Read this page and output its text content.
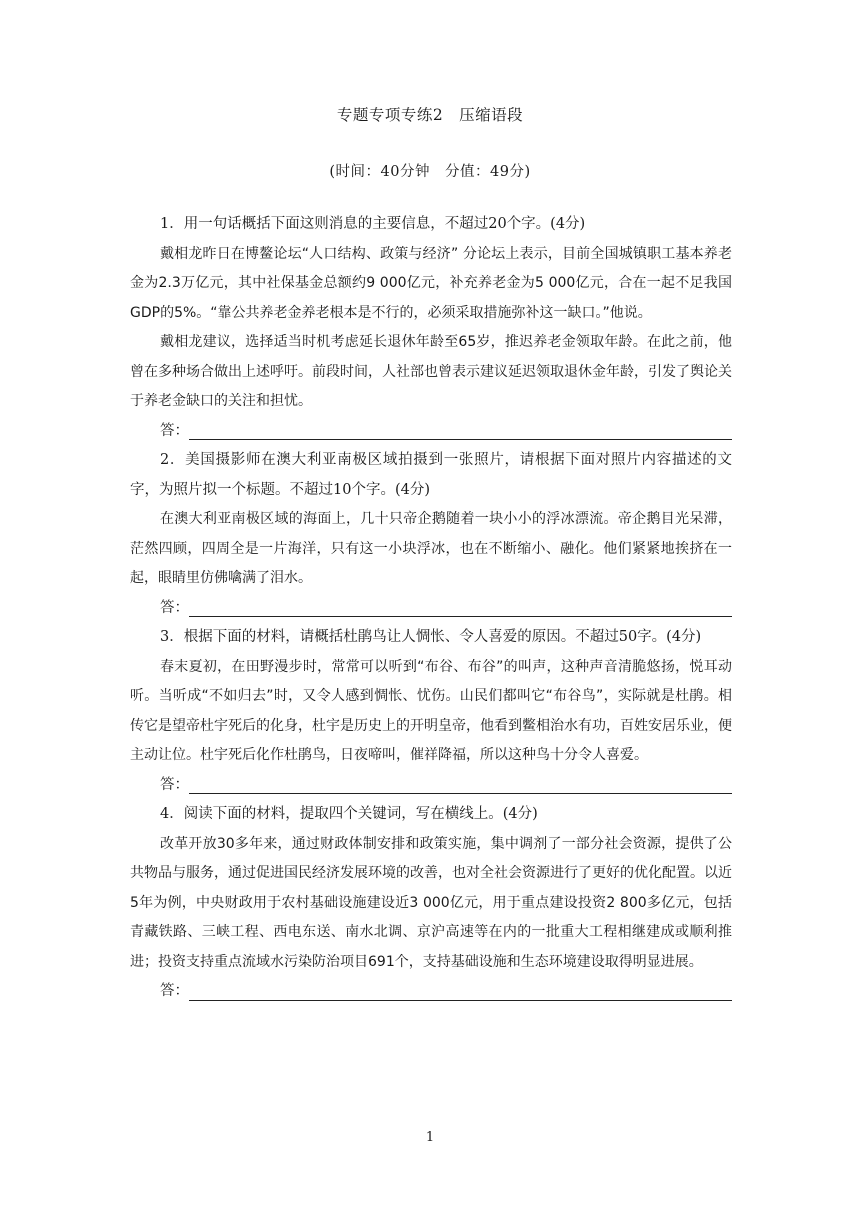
专题专项专练2　压缩语段
(时间：40分钟　分值：49分)

1．用一句话概括下面这则消息的主要信息，不超过20个字。(4分)

戴相龙昨日在博鳌论坛“人口结构、政策与经济” 分论坛上表示，目前全国城镇职工基本养老金为2.3万亿元，其中社保基金总额约9 000亿元，补充养老金为5 000亿元，合在一起不足我国GDP的5%。“靠公共养老金养老根本是不行的，必须采取措施弥补这一缺口。”他说。

戴相龙建议，选择适当时机考虑延长退休年龄至65岁，推迟养老金领取年龄。在此之前，他曾在多种场合做出上述呼吁。前段时间，人社部也曾表示建议延迟领取退休金年龄，引发了舆论关于养老金缺口的关注和担忧。

答：

2．美国摄影师在澳大利亚南极区域拍摄到一张照片，请根据下面对照片内容描述的文字，为照片拟一个标题。不超过10个字。(4分)

在澳大利亚南极区域的海面上，几十只帝企鹅随着一块小小的浮冰漂流。帝企鹅目光呆滞，茫然四顾，四周全是一片海洋，只有这一小块浮冰，也在不断缩小、融化。他们紧紧地挨挤在一起，眼睛里仿佛噙满了泪水。

答：

3．根据下面的材料，请概括杜鹃鸟让人惆怅、令人喜爱的原因。不超过50字。(4分)

春末夏初，在田野漫步时，常常可以听到“布谷、布谷”的叫声，这种声音清脆悠扬，悦耳动听。当听成“不如归去”时，又令人感到惆怅、忧伤。山民们都叫它“布谷鸟”，实际就是杜鹃。相传它是望帝杜宇死后的化身，杜宇是历史上的开明皇帝，他看到鳖相治水有功，百姓安居乐业，便主动让位。杜宇死后化作杜鹃鸟，日夜啼叫，催祥降福，所以这种鸟十分令人喜爱。

答：

4．阅读下面的材料，提取四个关键词，写在横线上。(4分)

改革开放30多年来，通过财政体制安排和政策实施，集中调剂了一部分社会资源，提供了公共物品与服务，通过促进国民经济发展环境的改善，也对全社会资源进行了更好的优化配置。以近5年为例，中央财政用于农村基础设施建设近3 000亿元，用于重点建设投资2 800多亿元，包括青藏铁路、三峡工程、西电东送、南水北调、京沪高速等在内的一批重大工程相继建成或顺利推进；投资支持重点流域水污染防治项目691个，支持基础设施和生态环境建设取得明显进展。

答：
1
